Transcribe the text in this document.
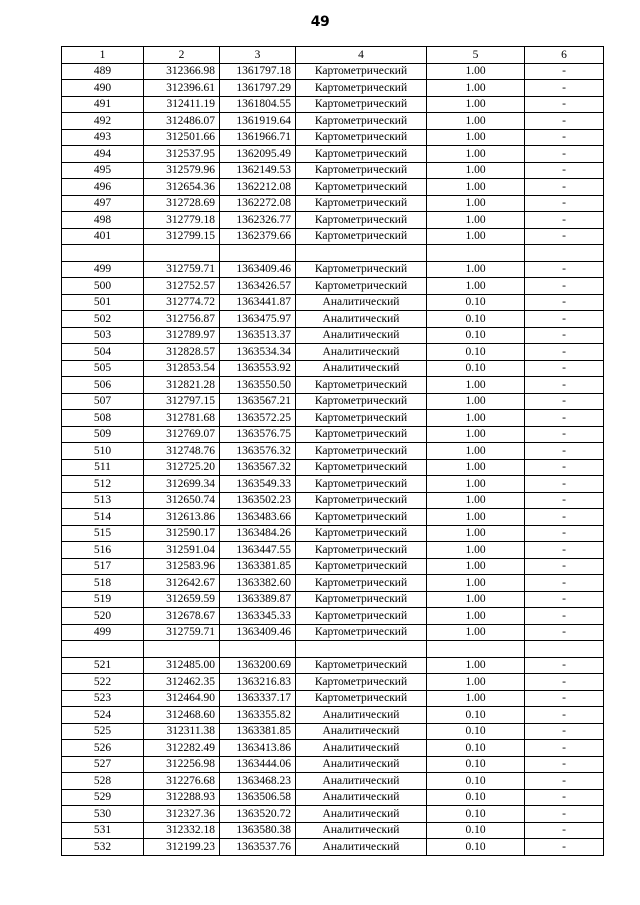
49
1	2	3	4	5	6
489	312366.98	1361797.18	Картометрический	1.00	-
490	312396.61	1361797.29	Картометрический	1.00	-
491	312411.19	1361804.55	Картометрический	1.00	-
492	312486.07	1361919.64	Картометрический	1.00	-
493	312501.66	1361966.71	Картометрический	1.00	-
494	312537.95	1362095.49	Картометрический	1.00	-
495	312579.96	1362149.53	Картометрический	1.00	-
496	312654.36	1362212.08	Картометрический	1.00	-
497	312728.69	1362272.08	Картометрический	1.00	-
498	312779.18	1362326.77	Картометрический	1.00	-
401	312799.15	1362379.66	Картометрический	1.00	-

499	312759.71	1363409.46	Картометрический	1.00	-
500	312752.57	1363426.57	Картометрический	1.00	-
501	312774.72	1363441.87	Аналитический	0.10	-
502	312756.87	1363475.97	Аналитический	0.10	-
503	312789.97	1363513.37	Аналитический	0.10	-
504	312828.57	1363534.34	Аналитический	0.10	-
505	312853.54	1363553.92	Аналитический	0.10	-
506	312821.28	1363550.50	Картометрический	1.00	-
507	312797.15	1363567.21	Картометрический	1.00	-
508	312781.68	1363572.25	Картометрический	1.00	-
509	312769.07	1363576.75	Картометрический	1.00	-
510	312748.76	1363576.32	Картометрический	1.00	-
511	312725.20	1363567.32	Картометрический	1.00	-
512	312699.34	1363549.33	Картометрический	1.00	-
513	312650.74	1363502.23	Картометрический	1.00	-
514	312613.86	1363483.66	Картометрический	1.00	-
515	312590.17	1363484.26	Картометрический	1.00	-
516	312591.04	1363447.55	Картометрический	1.00	-
517	312583.96	1363381.85	Картометрический	1.00	-
518	312642.67	1363382.60	Картометрический	1.00	-
519	312659.59	1363389.87	Картометрический	1.00	-
520	312678.67	1363345.33	Картометрический	1.00	-
499	312759.71	1363409.46	Картометрический	1.00	-

521	312485.00	1363200.69	Картометрический	1.00	-
522	312462.35	1363216.83	Картометрический	1.00	-
523	312464.90	1363337.17	Картометрический	1.00	-
524	312468.60	1363355.82	Аналитический	0.10	-
525	312311.38	1363381.85	Аналитический	0.10	-
526	312282.49	1363413.86	Аналитический	0.10	-
527	312256.98	1363444.06	Аналитический	0.10	-
528	312276.68	1363468.23	Аналитический	0.10	-
529	312288.93	1363506.58	Аналитический	0.10	-
530	312327.36	1363520.72	Аналитический	0.10	-
531	312332.18	1363580.38	Аналитический	0.10	-
532	312199.23	1363537.76	Аналитический	0.10	-
